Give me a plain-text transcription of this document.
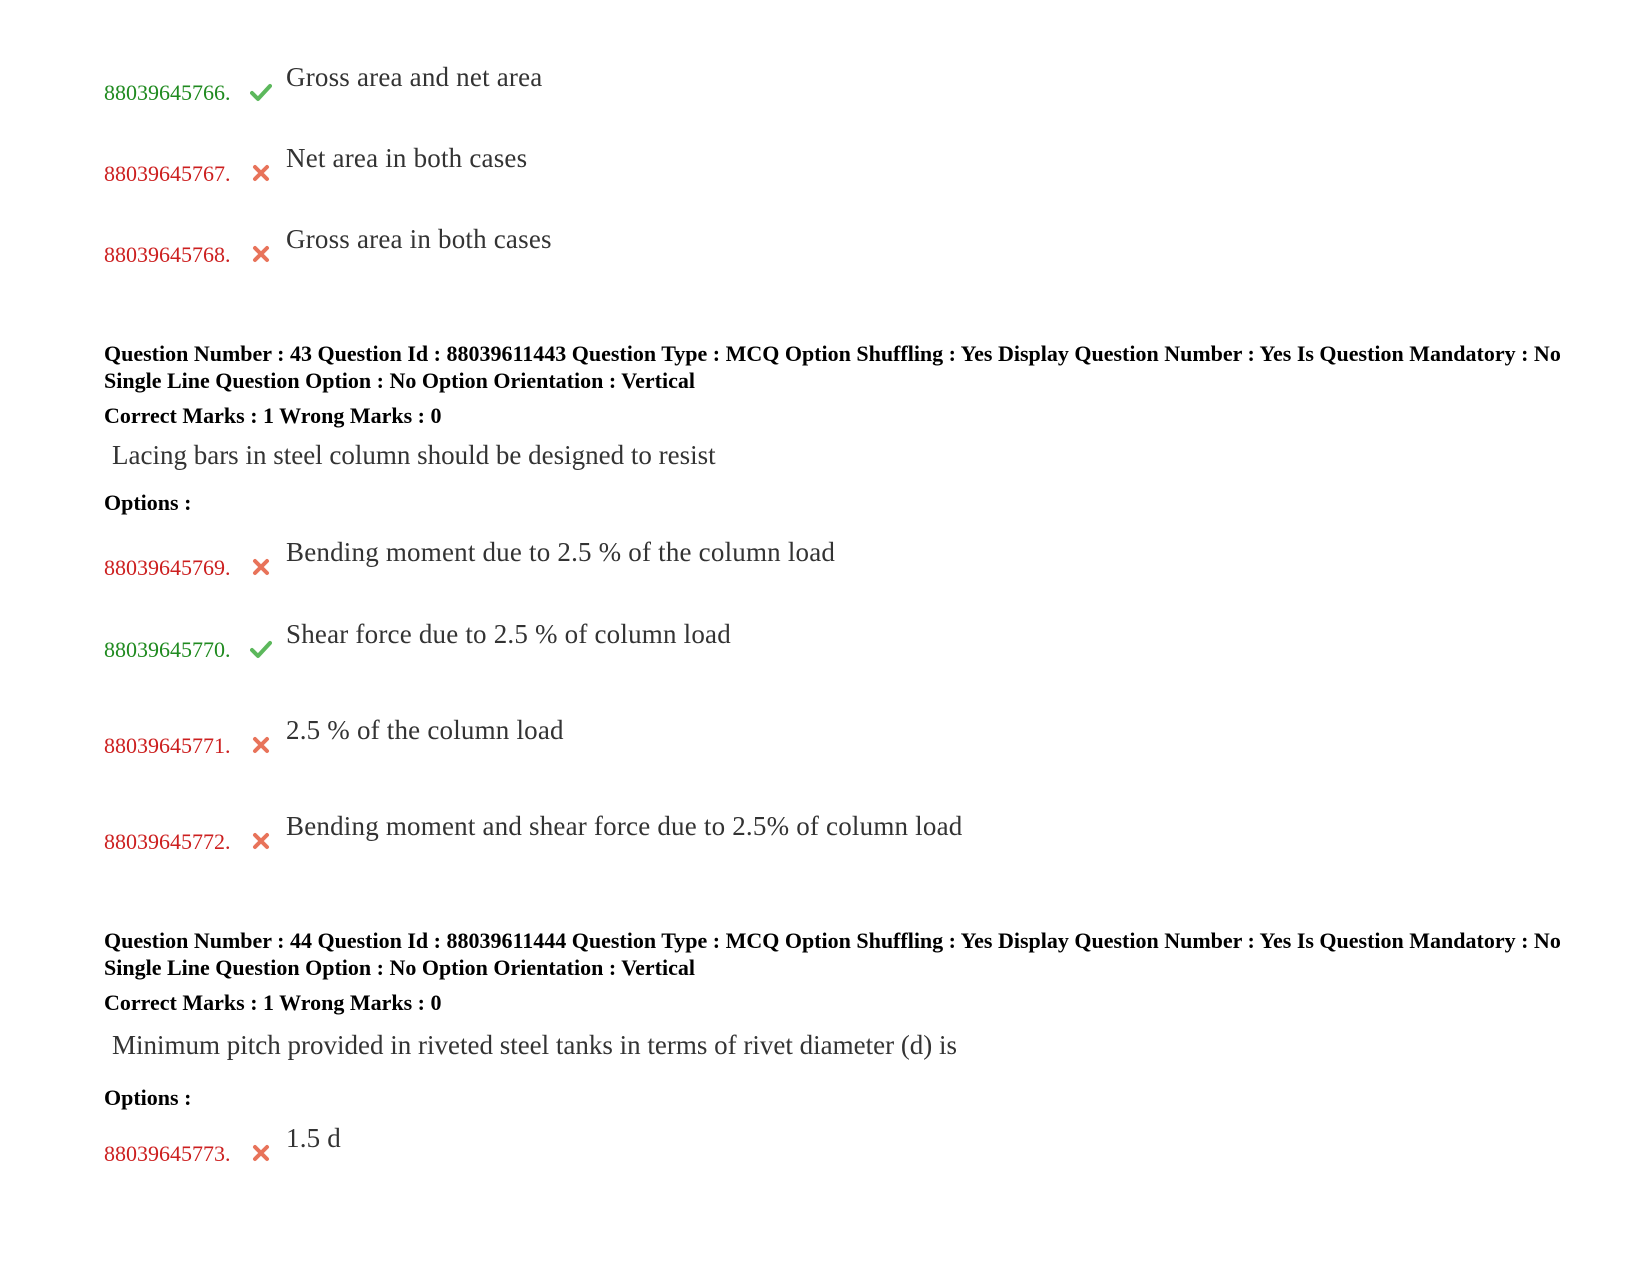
88039645766.
Gross area and net area
88039645767.
Net area in both cases
88039645768.
Gross area in both cases
Question Number : 43 Question Id : 88039611443 Question Type : MCQ Option Shuffling : Yes Display Question Number : Yes Is Question Mandatory : No Single Line Question Option : No Option Orientation : Vertical
Correct Marks : 1 Wrong Marks : 0
Lacing bars in steel column should be designed to resist
Options :
88039645769.
Bending moment due to 2.5 % of the column load
88039645770.
Shear force due to 2.5 % of column load
88039645771.
2.5 % of the column load
88039645772.
Bending moment and shear force due to 2.5% of column load
Question Number : 44 Question Id : 88039611444 Question Type : MCQ Option Shuffling : Yes Display Question Number : Yes Is Question Mandatory : No Single Line Question Option : No Option Orientation : Vertical
Correct Marks : 1 Wrong Marks : 0
Minimum pitch provided in riveted steel tanks in terms of rivet diameter (d) is
Options :
88039645773.
1.5 d
